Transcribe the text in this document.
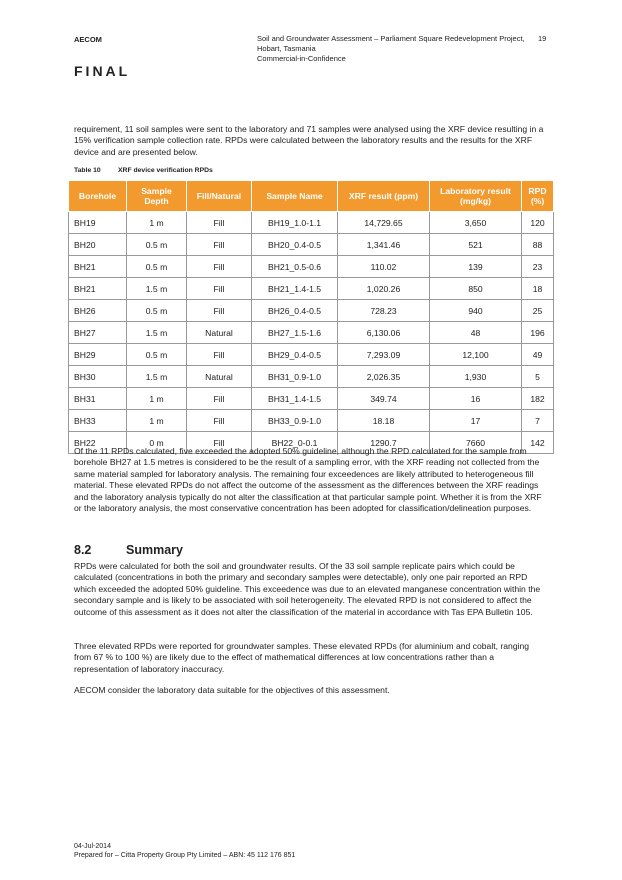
AECOM
FINAL
Soil and Groundwater Assessment – Parliament Square Redevelopment Project,
Hobart, Tasmania
Commercial-in-Confidence
19

requirement, 11 soil samples were sent to the laboratory and 71 samples were analysed using the XRF device resulting in a 15% verification sample collection rate. RPDs were calculated between the laboratory results and the results for the XRF device and are presented below.

Table 10	XRF device verification RPDs
Borehole	Sample Depth	Fill/Natural	Sample Name	XRF result (ppm)	Laboratory result (mg/kg)	RPD (%)
BH19	1 m	Fill	BH19_1.0-1.1	14,729.65	3,650	120
BH20	0.5 m	Fill	BH20_0.4-0.5	1,341.46	521	88
BH21	0.5 m	Fill	BH21_0.5-0.6	110.02	139	23
BH21	1.5 m	Fill	BH21_1.4-1.5	1,020.26	850	18
BH26	0.5 m	Fill	BH26_0.4-0.5	728.23	940	25
BH27	1.5 m	Natural	BH27_1.5-1.6	6,130.06	48	196
BH29	0.5 m	Fill	BH29_0.4-0.5	7,293.09	12,100	49
BH30	1.5 m	Natural	BH31_0.9-1.0	2,026.35	1,930	5
BH31	1 m	Fill	BH31_1.4-1.5	349.74	16	182
BH33	1 m	Fill	BH33_0.9-1.0	18.18	17	7
BH22	0 m	Fill	BH22_0-0.1	1290.7	7660	142

Of the 11 RPDs calculated, five exceeded the adopted 50% guideline, although the RPD calculated for the sample from borehole BH27 at 1.5 metres is considered to be the result of a sampling error, with the XRF reading not collected from the same material sampled for laboratory analysis. The remaining four exceedences are likely attributed to heterogeneous fill material. These elevated RPDs do not affect the outcome of the assessment as the differences between the XRF readings and the laboratory analysis typically do not alter the classification at that particular sample point. Whether it is from the XRF or the laboratory analysis, the most conservative concentration has been adopted for classification/delineation purposes.

8.2	Summary

RPDs were calculated for both the soil and groundwater results. Of the 33 soil sample replicate pairs which could be calculated (concentrations in both the primary and secondary samples were detectable), only one pair reported an RPD which exceeded the adopted 50% guideline. This exceedence was due to an elevated manganese concentration within the secondary sample and is likely to be associated with soil heterogeneity. The elevated RPD is not considered to affect the outcome of this assessment as it does not alter the classification of the material in accordance with Tas EPA Bulletin 105.

Three elevated RPDs were reported for groundwater samples. These elevated RPDs (for aluminium and cobalt, ranging from 67 % to 100 %) are likely due to the effect of mathematical differences at low concentrations rather than a representation of laboratory inaccuracy.

AECOM consider the laboratory data suitable for the objectives of this assessment.

04-Jul-2014
Prepared for – Citta Property Group Pty Limited – ABN: 45 112 176 851
